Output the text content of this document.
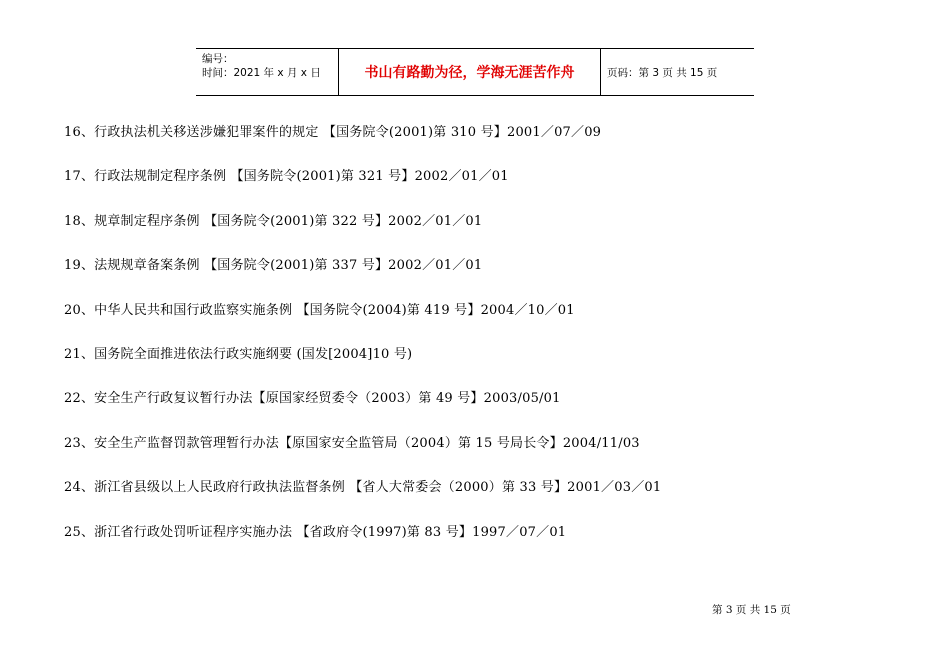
编号：
时间：2021 年 x 月 x 日	书山有路勤为径，学海无涯苦作舟	页码：第 3 页 共 15 页
16、行政执法机关移送涉嫌犯罪案件的规定 【国务院令(2001)第 310 号】2001／07／09
17、行政法规制定程序条例 【国务院令(2001)第 321 号】2002／01／01
18、规章制定程序条例 【国务院令(2001)第 322 号】2002／01／01
19、法规规章备案条例 【国务院令(2001)第 337 号】2002／01／01
20、中华人民共和国行政监察实施条例 【国务院令(2004)第 419 号】2004／10／01
21、国务院全面推进依法行政实施纲要 (国发[2004]10 号)
22、安全生产行政复议暂行办法【原国家经贸委令（2003）第 49 号】2003/05/01
23、安全生产监督罚款管理暂行办法【原国家安全监管局（2004）第 15 号局长令】2004/11/03
24、浙江省县级以上人民政府行政执法监督条例 【省人大常委会（2000）第 33 号】2001／03／01
25、浙江省行政处罚听证程序实施办法 【省政府令(1997)第 83 号】1997／07／01
第 3 页 共 15 页
